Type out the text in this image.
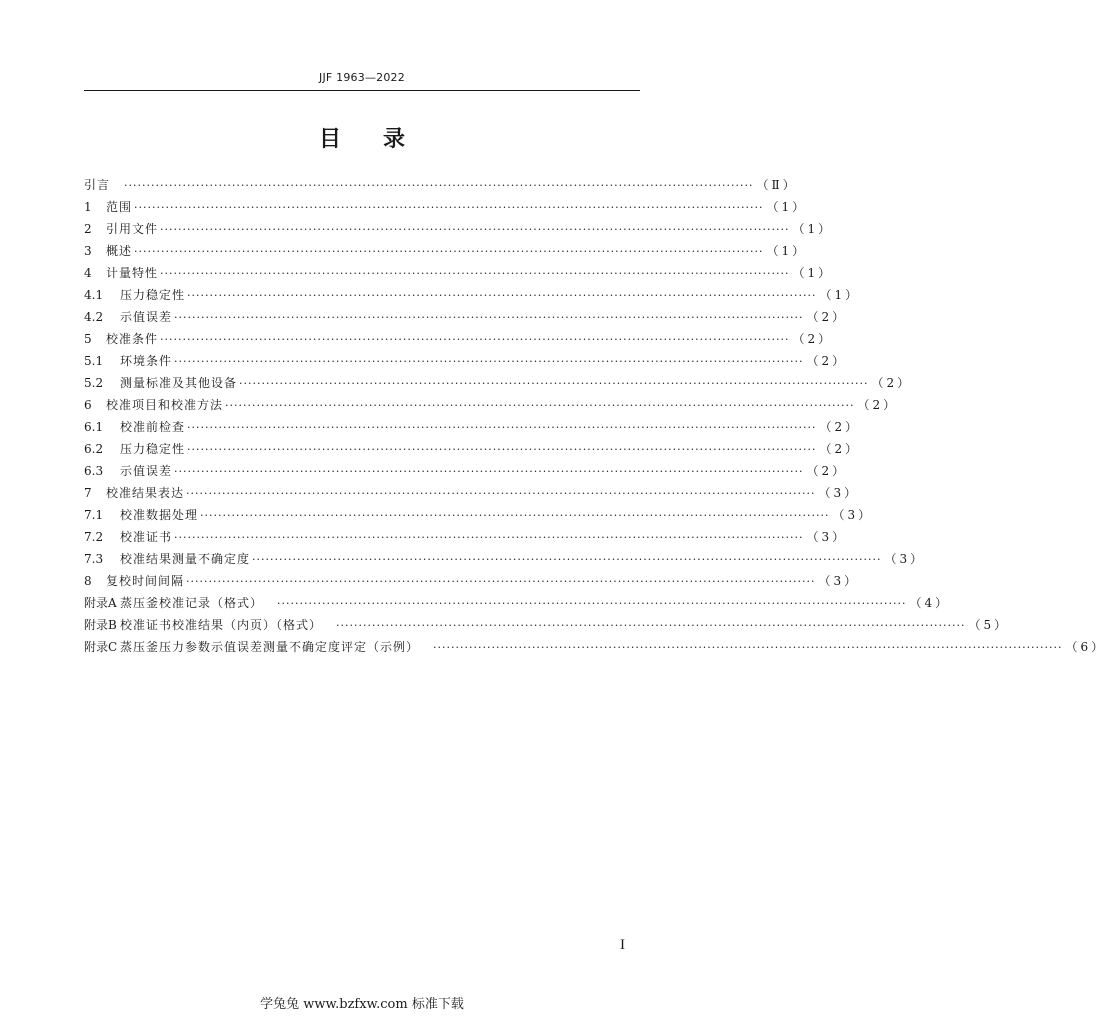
JJF 1963—2022
目录
引言 ············································································································································ （Ⅱ）
1	范围 ············································································································································ （1）
2	引用文件 ············································································································································ （1）
3	概述 ············································································································································ （1）
4	计量特性 ············································································································································ （1）
4.1	压力稳定性 ············································································································································ （1）
4.2	示值误差 ············································································································································ （2）
5	校准条件 ············································································································································ （2）
5.1	环境条件 ············································································································································ （2）
5.2	测量标准及其他设备 ············································································································································ （2）
6	校准项目和校准方法 ············································································································································ （2）
6.1	校准前检查 ············································································································································ （2）
6.2	压力稳定性 ············································································································································ （2）
6.3	示值误差 ············································································································································ （2）
7	校准结果表达 ············································································································································ （3）
7.1	校准数据处理 ············································································································································ （3）
7.2	校准证书 ············································································································································ （3）
7.3	校准结果测量不确定度 ············································································································································ （3）
8	复校时间间隔 ············································································································································ （3）
附录A 蒸压釜校准记录（格式） ············································································································································ （4）
附录B 校准证书校准结果（内页）（格式） ············································································································································ （5）
附录C 蒸压釜压力参数示值误差测量不确定度评定（示例） ············································································································································ （6）
I
学兔兔 www.bzfxw.com 标准下载
